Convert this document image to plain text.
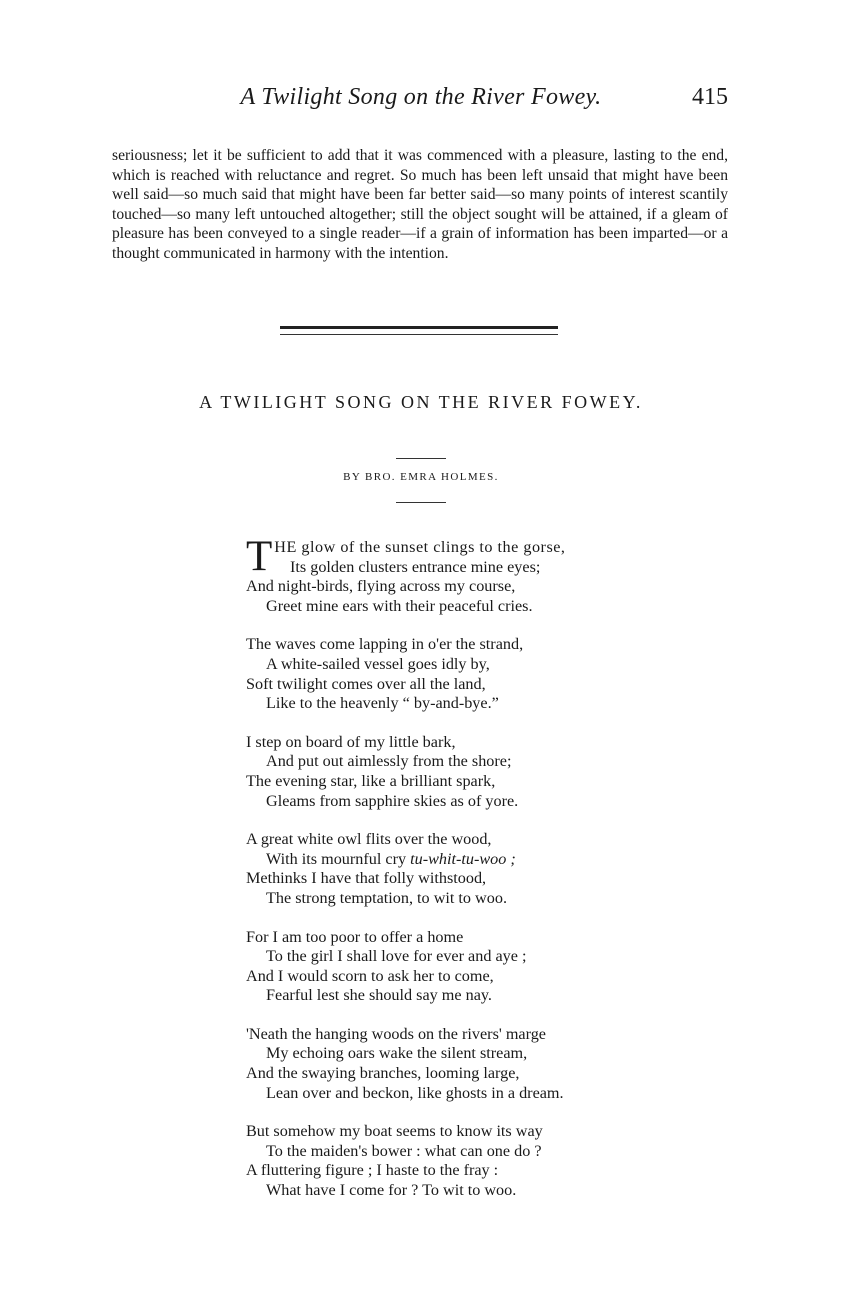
A Twilight Song on the River Fowey.	415

seriousness; let it be sufficient to add that it was commenced with a pleasure, lasting to the end, which is reached with reluctance and regret. So much has been left unsaid that might have been well said—so much said that might have been far better said—so many points of interest scantily touched—so many left untouched altogether; still the object sought will be attained, if a gleam of pleasure has been conveyed to a single reader—if a grain of information has been imparted—or a thought communicated in harmony with the intention.

A TWILIGHT SONG ON THE RIVER FOWEY.
BY BRO. EMRA HOLMES.
THE glow of the sunset clings to the gorse,
Its golden clusters entrance mine eyes;
And night-birds, flying across my course,
Greet mine ears with their peaceful cries.
The waves come lapping in o'er the strand,
A white-sailed vessel goes idly by,
Soft twilight comes over all the land,
Like to the heavenly “ by-and-bye.”
I step on board of my little bark,
And put out aimlessly from the shore;
The evening star, like a brilliant spark,
Gleams from sapphire skies as of yore.
A great white owl flits over the wood,
With its mournful cry tu-whit-tu-woo ;
Methinks I have that folly withstood,
The strong temptation, to wit to woo.
For I am too poor to offer a home
To the girl I shall love for ever and aye ;
And I would scorn to ask her to come,
Fearful lest she should say me nay.
'Neath the hanging woods on the rivers' marge
My echoing oars wake the silent stream,
And the swaying branches, looming large,
Lean over and beckon, like ghosts in a dream.
But somehow my boat seems to know its way
To the maiden's bower : what can one do ?
A fluttering figure ; I haste to the fray :
What have I come for ? To wit to woo.
